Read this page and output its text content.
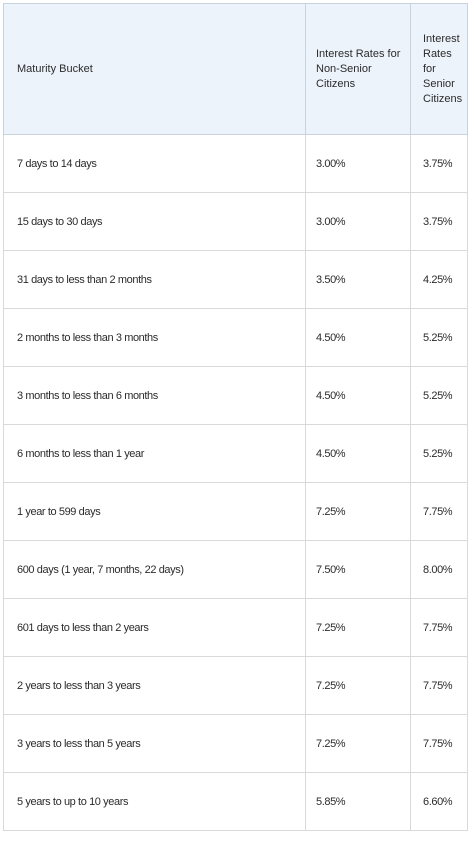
Maturity Bucket	Interest Rates for Non-Senior Citizens	Interest Rates for Senior Citizens
7 days to 14 days	3.00%	3.75%
15 days to 30 days	3.00%	3.75%
31 days to less than 2 months	3.50%	4.25%
2 months to less than 3 months	4.50%	5.25%
3 months to less than 6 months	4.50%	5.25%
6 months to less than 1 year	4.50%	5.25%
1 year to 599 days	7.25%	7.75%
600 days (1 year, 7 months, 22 days)	7.50%	8.00%
601 days to less than 2 years	7.25%	7.75%
2 years to less than 3 years	7.25%	7.75%
3 years to less than 5 years	7.25%	7.75%
5 years to up to 10 years	5.85%	6.60%
